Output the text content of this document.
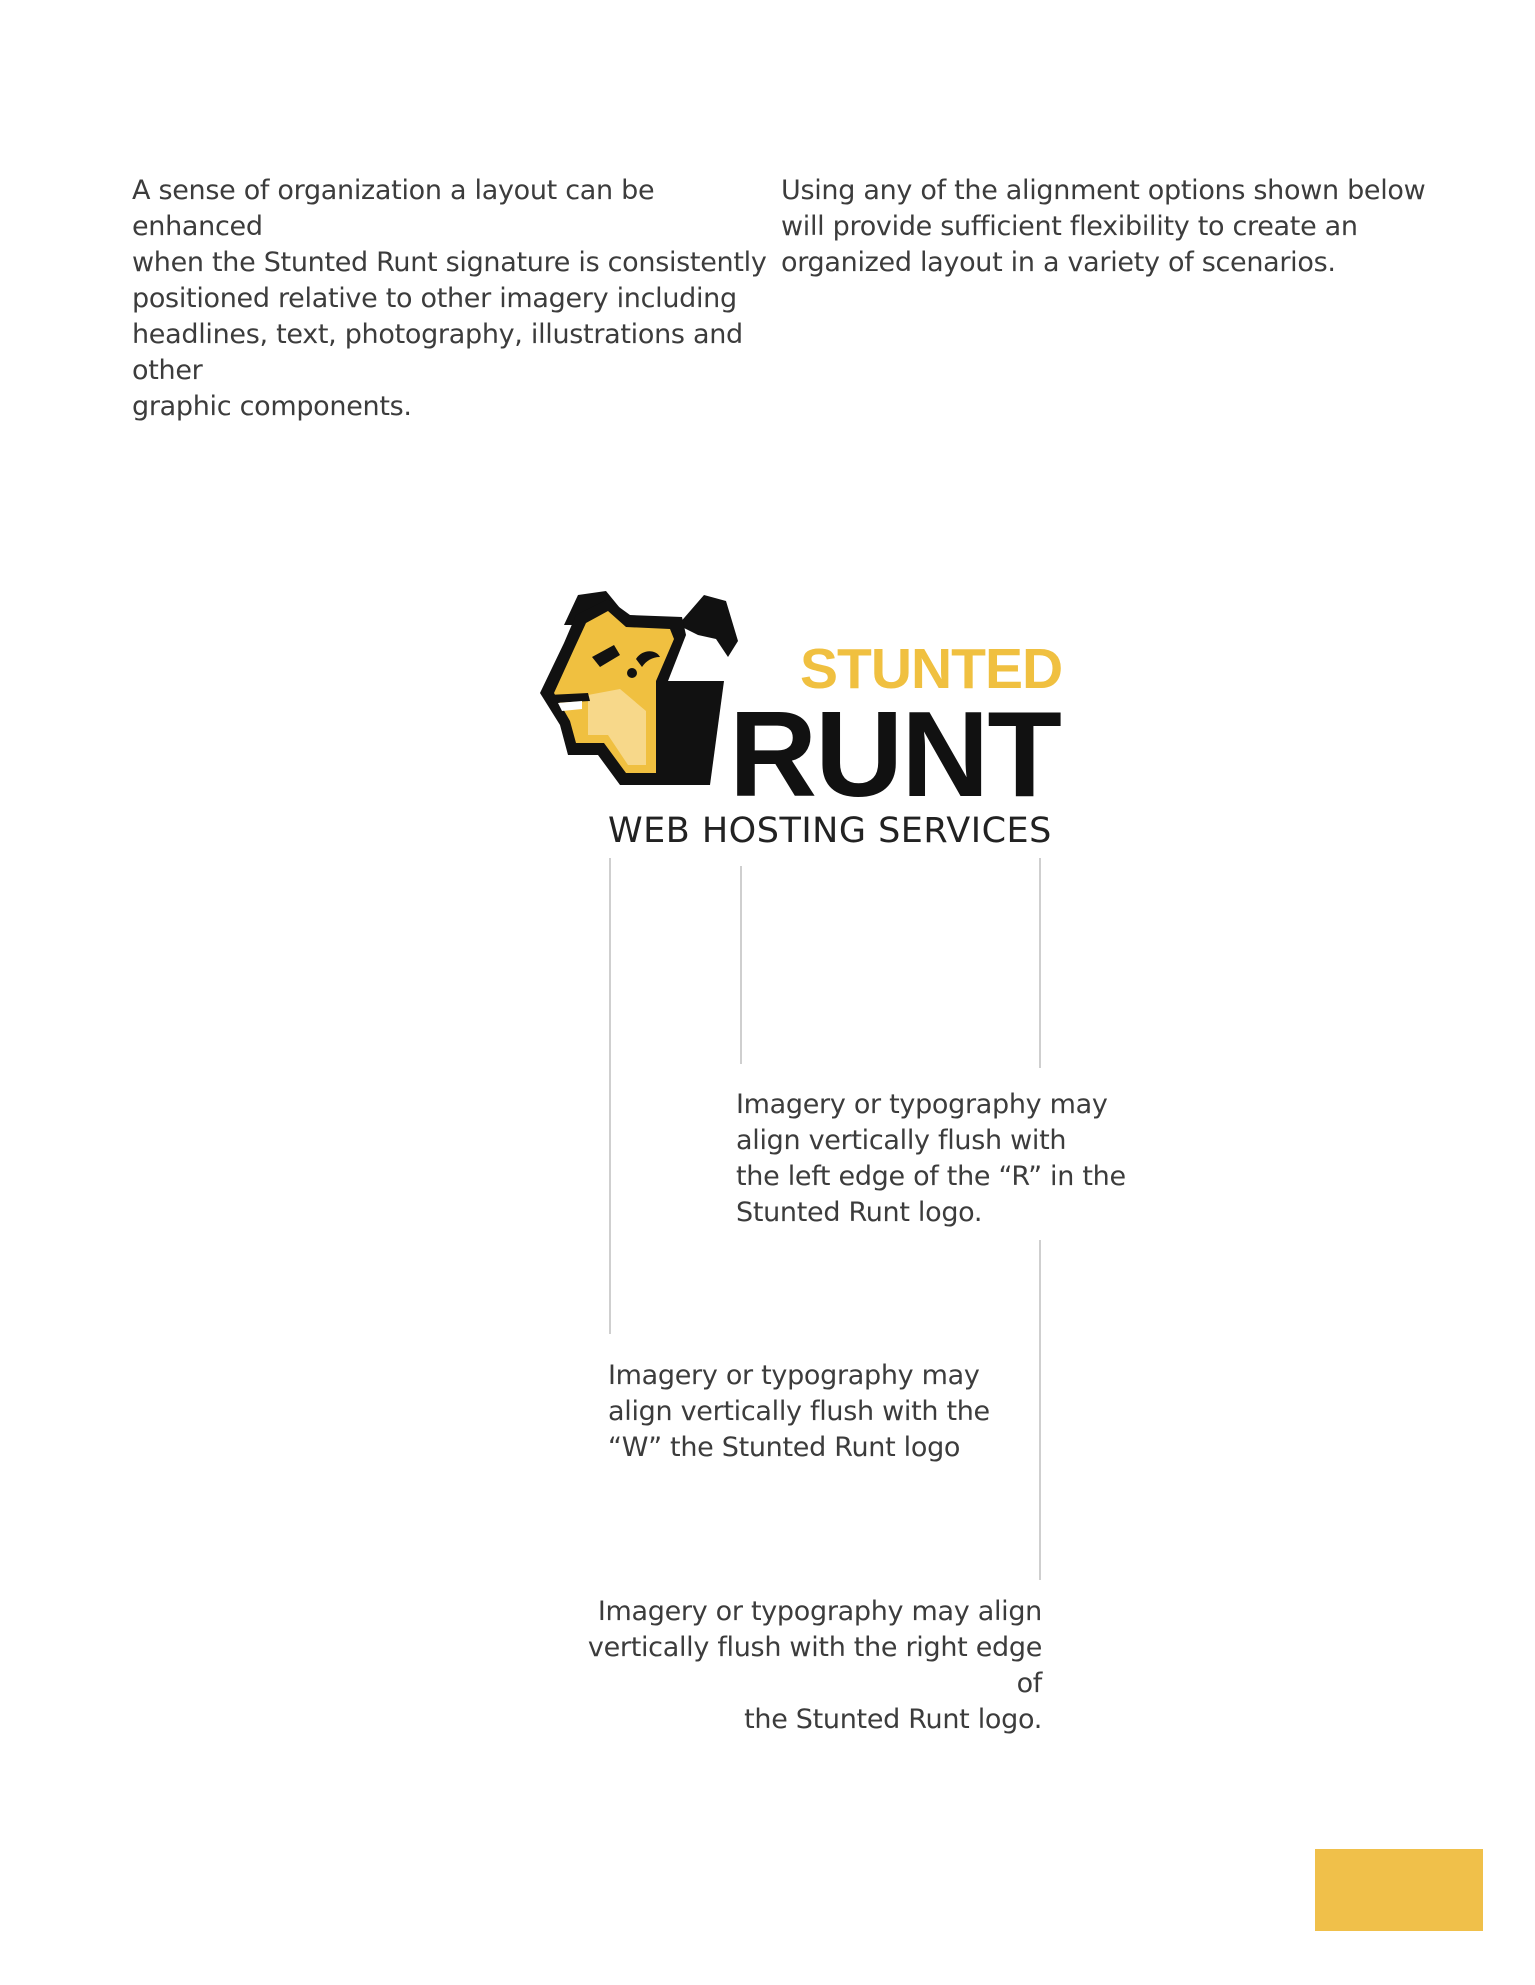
A sense of organization a layout can be enhanced
when the Stunted Runt signature is consistently
positioned relative to other imagery including
headlines, text, photography, illustrations and other
graphic components.
Using any of the alignment options shown below
will provide sufficient flexibility to create an
organized layout in a variety of scenarios.
STUNTED
RUNT
WEB HOSTING SERVICES
Imagery or typography may
align vertically flush with
the left edge of the “R” in the
Stunted Runt logo.
Imagery or typography may
align vertically flush with the
“W” the Stunted Runt logo
Imagery or typography may align
vertically flush with the right edge of
the Stunted Runt logo.
